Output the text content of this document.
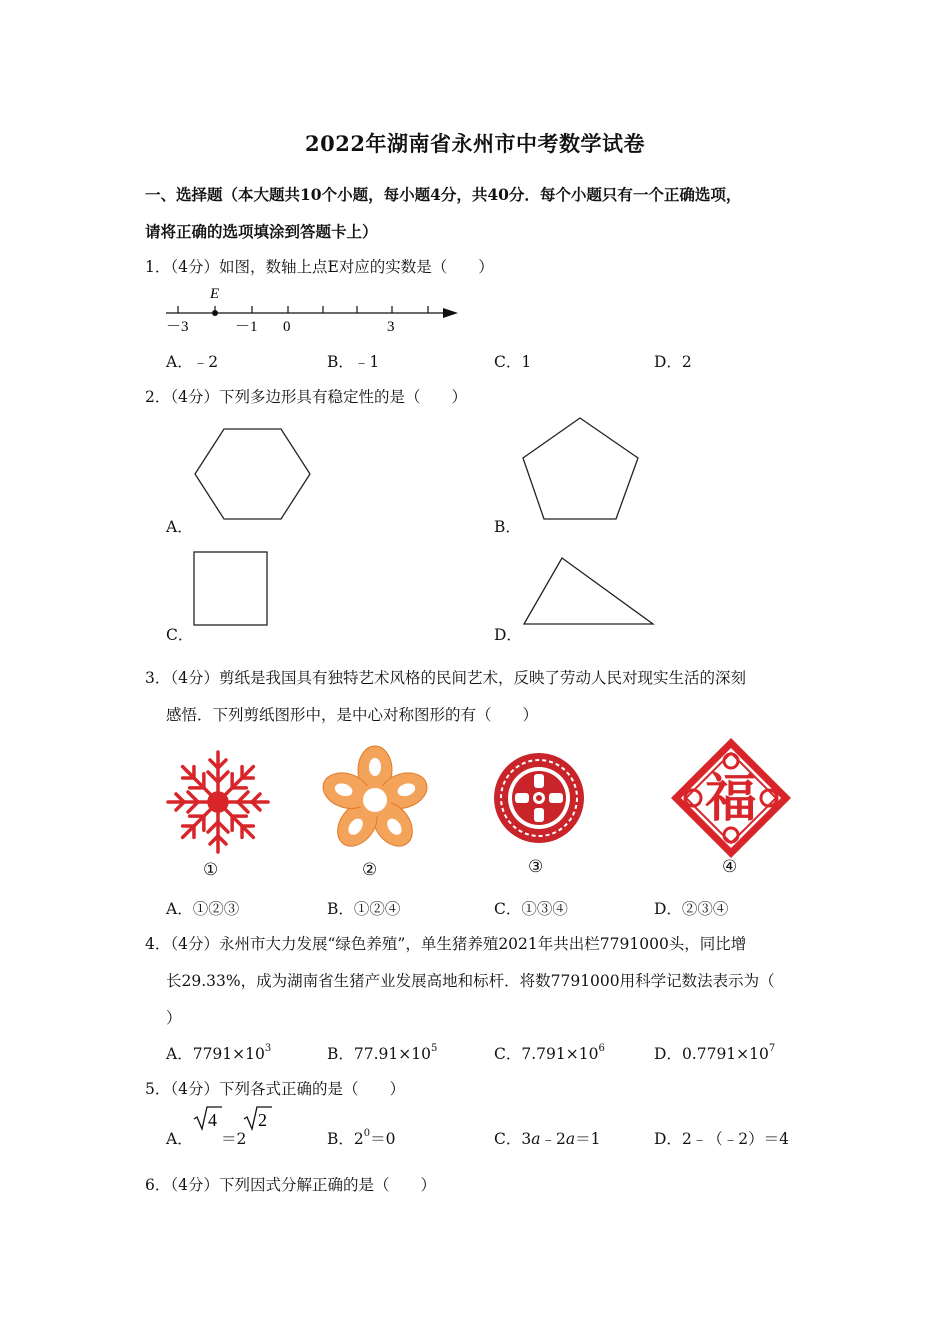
2022年湖南省永州市中考数学试卷
一、选择题（本大题共10个小题，每小题4分，共40分．每个小题只有一个正确选项，
请将正确的选项填涂到答题卡上）
1．（4分）如图，数轴上点E对应的实数是（　　）
E
－3	－1 0	3
A．﹣2	B．﹣1	C．1	D．2
2．（4分）下列多边形具有稳定性的是（　　）
A．	B．
C．	D．
3．（4分）剪纸是我国具有独特艺术风格的民间艺术，反映了劳动人民对现实生活的深刻
感悟．下列剪纸图形中，是中心对称图形的有（　　）
①	②	③
福
④
A．①②③	B．①②④	C．①③④	D．②③④
4．（4分）永州市大力发展“绿色养殖”，单生猪养殖2021年共出栏7791000头，同比增
长29.33%，成为湖南省生猪产业发展高地和标杆．将数7791000用科学记数法表示为（
）
A．$7791\times 10^3$	B．$77.91\times 10^5$	C．$7.791\times 10^6$	D．$0.7791\times 10^7$
5．（4分）下列各式正确的是（　　）
A．
4
＝2
2
B．$2^0=0$	C．3a﹣2a＝1	D．2﹣（﹣2）＝4
6．（4分）下列因式分解正确的是（　　）
